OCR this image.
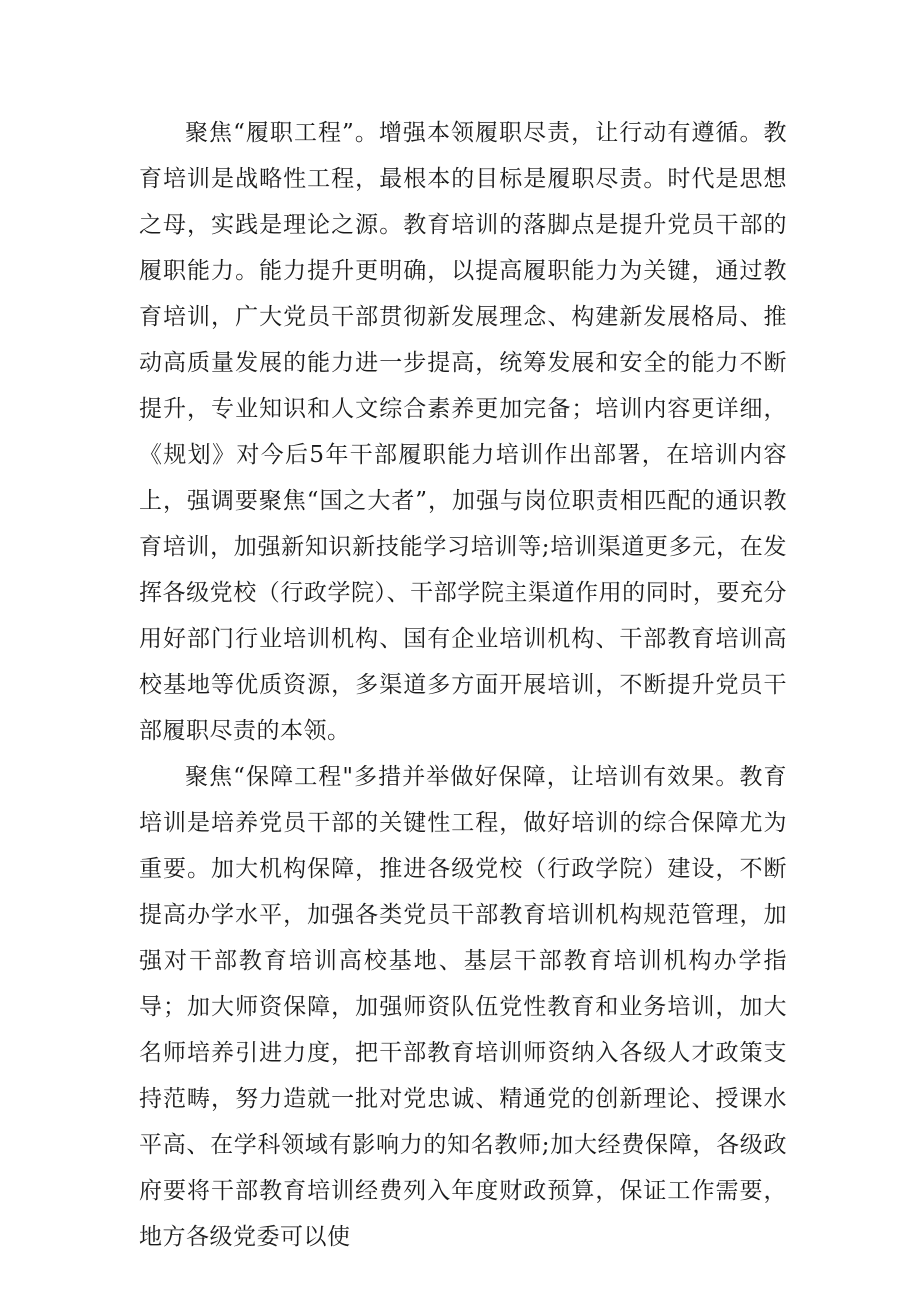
聚焦“履职工程”。增强本领履职尽责，让行动有遵循。教育培训是战略性工程，最根本的目标是履职尽责。时代是思想之母，实践是理论之源。教育培训的落脚点是提升党员干部的履职能力。能力提升更明确，以提高履职能力为关键，通过教育培训，广大党员干部贯彻新发展理念、构建新发展格局、推动高质量发展的能力进一步提高，统筹发展和安全的能力不断提升，专业知识和人文综合素养更加完备；培训内容更详细，《规划》对今后5年干部履职能力培训作出部署，在培训内容上，强调要聚焦“国之大者”，加强与岗位职责相匹配的通识教育培训，加强新知识新技能学习培训等;培训渠道更多元，在发挥各级党校（行政学院）、干部学院主渠道作用的同时，要充分用好部门行业培训机构、国有企业培训机构、干部教育培训高校基地等优质资源，多渠道多方面开展培训，不断提升党员干部履职尽责的本领。

聚焦“保障工程"多措并举做好保障，让培训有效果。教育培训是培养党员干部的关键性工程，做好培训的综合保障尤为重要。加大机构保障，推进各级党校（行政学院）建设，不断提高办学水平，加强各类党员干部教育培训机构规范管理，加强对干部教育培训高校基地、基层干部教育培训机构办学指导；加大师资保障，加强师资队伍党性教育和业务培训，加大名师培养引进力度，把干部教育培训师资纳入各级人才政策支持范畴，努力造就一批对党忠诚、精通党的创新理论、授课水平高、在学科领域有影响力的知名教师;加大经费保障，各级政府要将干部教育培训经费列入年度财政预算，保证工作需要，地方各级党委可以使
